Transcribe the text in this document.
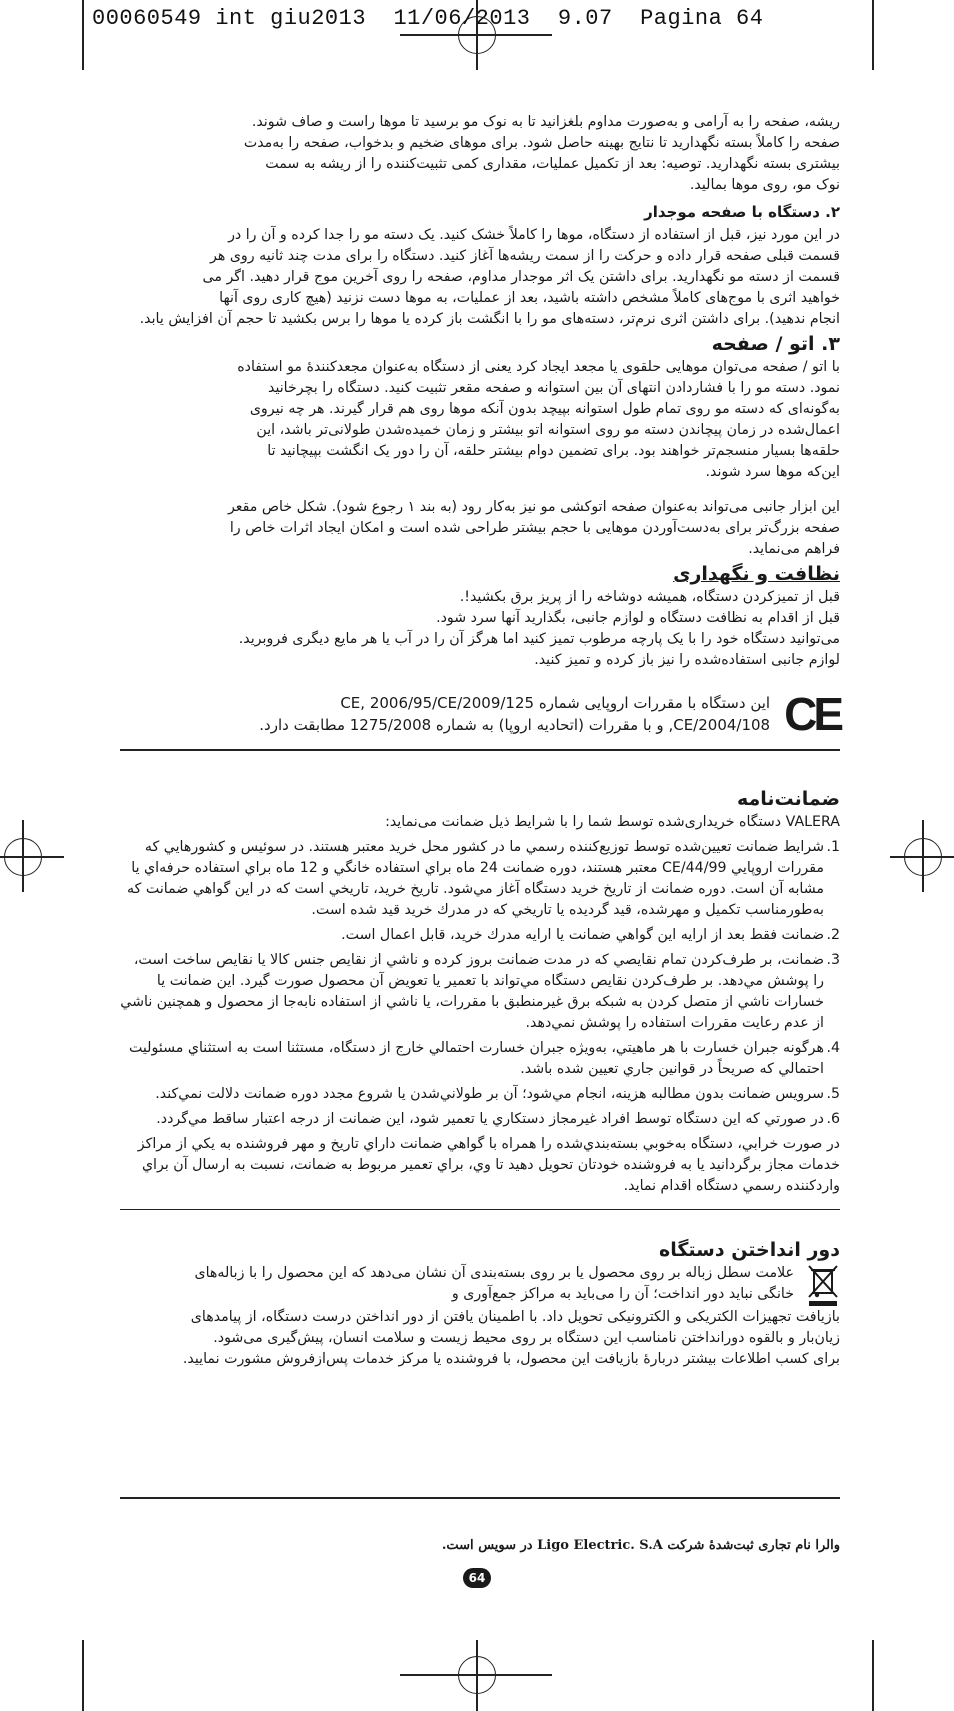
00060549 int giu2013  11/06/2013  9.07  Pagina 64

ریشه، صفحه را به آرامی و به‌صورت مداوم بلغزانید تا به نوک مو برسید تا موها راست و صاف شوند.

صفحه را کاملاً بسته نگهدارید تا نتایج بهینه حاصل شود. برای موهای ضخیم و بدخواب، صفحه را به‌مدت

بیشتری بسته نگهدارید. توصیه: بعد از تکمیل عملیات، مقداری کمی تثبیت‌کننده را از ریشه به سمت

نوک مو، روی موها بمالید.

۲. دستگاه با صفحه موجدار

در این مورد نیز، قبل از استفاده از دستگاه، موها را کاملاً خشک کنید. یک دسته مو را جدا کرده و آن را در

قسمت قبلی صفحه قرار داده و حرکت را از سمت ریشه‌ها آغاز کنید. دستگاه را برای مدت چند ثانیه روی هر

قسمت از دسته مو نگهدارید. برای داشتن یک اثر موجدار مداوم، صفحه را روی آخرین موج قرار دهید. اگر می

خواهید اثری با موج‌های کاملاً مشخص داشته باشید، بعد از عملیات، به موها دست نزنید (هیچ کاری روی آنها

انجام ندهید). برای داشتن اثری نرم‌تر، دسته‌های مو را با انگشت باز کرده یا موها را برس بکشید تا حجم آن افزایش یابد.

۳. اتو / صفحه

با اتو / صفحه می‌توان موهایی حلقوی یا مجعد ایجاد کرد یعنی از دستگاه به‌عنوان مجعدکنندهٔ مو استفاده

نمود. دسته مو را با فشاردادن انتهای آن بین استوانه و صفحه مقعر تثبیت کنید. دستگاه را بچرخانید

به‌گونه‌ای که دسته مو روی تمام طول استوانه بپیچد بدون آنکه موها روی هم قرار گیرند. هر چه نیروی

اعمال‌شده در زمان پیچاندن دسته مو روی استوانه اتو بیشتر و زمان خمیده‌شدن طولانی‌تر باشد، این

حلقه‌ها بسیار منسجم‌تر خواهند بود. برای تضمین دوام بیشتر حلقه، آن را دور یک انگشت بپیچانید تا

این‌که موها سرد شوند.

این ابزار جانبی می‌تواند به‌عنوان صفحه اتوکشی مو نیز به‌کار رود (به بند ۱ رجوع شود). شکل خاص مقعر

صفحه بزرگ‌تر برای به‌دست‌آوردن موهایی با حجم بیشتر طراحی شده است و امکان ایجاد اثرات خاص را

فراهم می‌نماید.

نظافت و نگهداری

قبل از تمیزکردن دستگاه، همیشه دوشاخه را از پریز برق بکشید!.

قبل از اقدام به نظافت دستگاه و لوازم جانبی، بگذارید آنها سرد شود.

می‌توانید دستگاه خود را با یک پارچه مرطوب تمیز کنید اما هرگز آن را در آب یا هر مایع دیگری فروبرید.

لوازم جانبی استفاده‌شده را نیز باز کرده و تمیز کنید.

CE

این دستگاه با مقررات اروپایی شماره 2009/125/CE, 2006/95/CE

2004/108/CE, و با مقررات (اتحادیه اروپا) به شماره 1275/2008 مطابقت دارد.

ضمانت‌نامه

VALERA دستگاه خریداری‌شده توسط شما را با شرایط ذیل ضمانت می‌نماید:

1.
شرايط ضمانت تعيين‌شده توسط توزيع‌كننده رسمي ما در كشور محل خريد معتبر هستند. در سوئيس و كشورهايي كه مقررات اروپايي 44/99/CE معتبر هستند، دوره ضمانت 24 ماه براي استفاده خانگي و 12 ماه براي استفاده حرفه‌اي يا مشابه آن است. دوره ضمانت از تاريخ خريد دستگاه آغاز مي‌شود. تاريخ خريد، تاريخي است كه در اين گواهي ضمانت كه به‌طورمناسب تكميل و مهرشده، قيد گرديده يا تاريخي كه در مدرك خريد قيد شده است.
2.
ضمانت فقط بعد از ارايه اين گواهي ضمانت يا ارايه مدرك خريد، قابل اعمال است.
3.
ضمانت، بر طرف‌كردن تمام نقايصي كه در مدت ضمانت بروز كرده و ناشي از نقايص جنس كالا يا نقايص ساخت است، را پوشش مي‌دهد. بر طرف‌كردن نقايص دستگاه مي‌تواند با تعمير يا تعويض آن محصول صورت گيرد. اين ضمانت يا خسارات ناشي از متصل كردن به شبكه برق غيرمنطبق با مقررات، يا ناشي از استفاده نابه‌جا از محصول و همچنين ناشي از عدم رعايت مقررات استفاده را پوشش نمي‌دهد.
4.
هرگونه جبران خسارت با هر ماهيتي، به‌ويژه جبران خسارت احتمالي خارج از دستگاه، مستثنا است به استثناي مسئوليت احتمالي كه صريحاً در قوانين جاري تعيين شده باشد.
5.
سرويس ضمانت بدون مطالبه هزينه، انجام مي‌شود؛ آن بر طولاني‌شدن يا شروع مجدد دوره ضمانت دلالت نمي‌كند.
6.
در صورتي كه اين دستگاه توسط افراد غيرمجاز دستكاري يا تعمير شود، اين ضمانت از درجه اعتبار ساقط مي‌گردد.

در صورت خرابي، دستگاه به‌خوبي بسته‌بندي‌شده را همراه با گواهي ضمانت داراي تاريخ و مهر فروشنده به يكي از مراكز خدمات مجاز برگردانيد يا به فروشنده خودتان تحويل دهيد تا وي، براي تعمير مربوط به ضمانت، نسبت به ارسال آن براي واردكننده رسمي دستگاه اقدام نمايد.

دور انداختن دستگاه

علامت سطل زباله بر روی محصول یا بر روی بسته‌بندی آن نشان می‌دهد که این محصول را با زباله‌های

خانگی نباید دور انداخت؛ آن را می‌باید به مراکز جمع‌آوری و

بازیافت تجهیزات الکتریکی و الکترونیکی تحویل داد. با اطمینان یافتن از دور انداختن درست دستگاه، از پیامدهای

زیان‌بار و بالقوه دورانداختن نامناسب این دستگاه بر روی محیط زیست و سلامت انسان، پیش‌گیری می‌شود.

برای کسب اطلاعات بیشتر دربارهٔ بازیافت این محصول، با فروشنده یا مرکز خدمات پس‌ازفروش مشورت نمایید.

والرا نام تجاری ثبت‌شدهٔ شرکت Ligo Electric. S.A در سویس است.
64
